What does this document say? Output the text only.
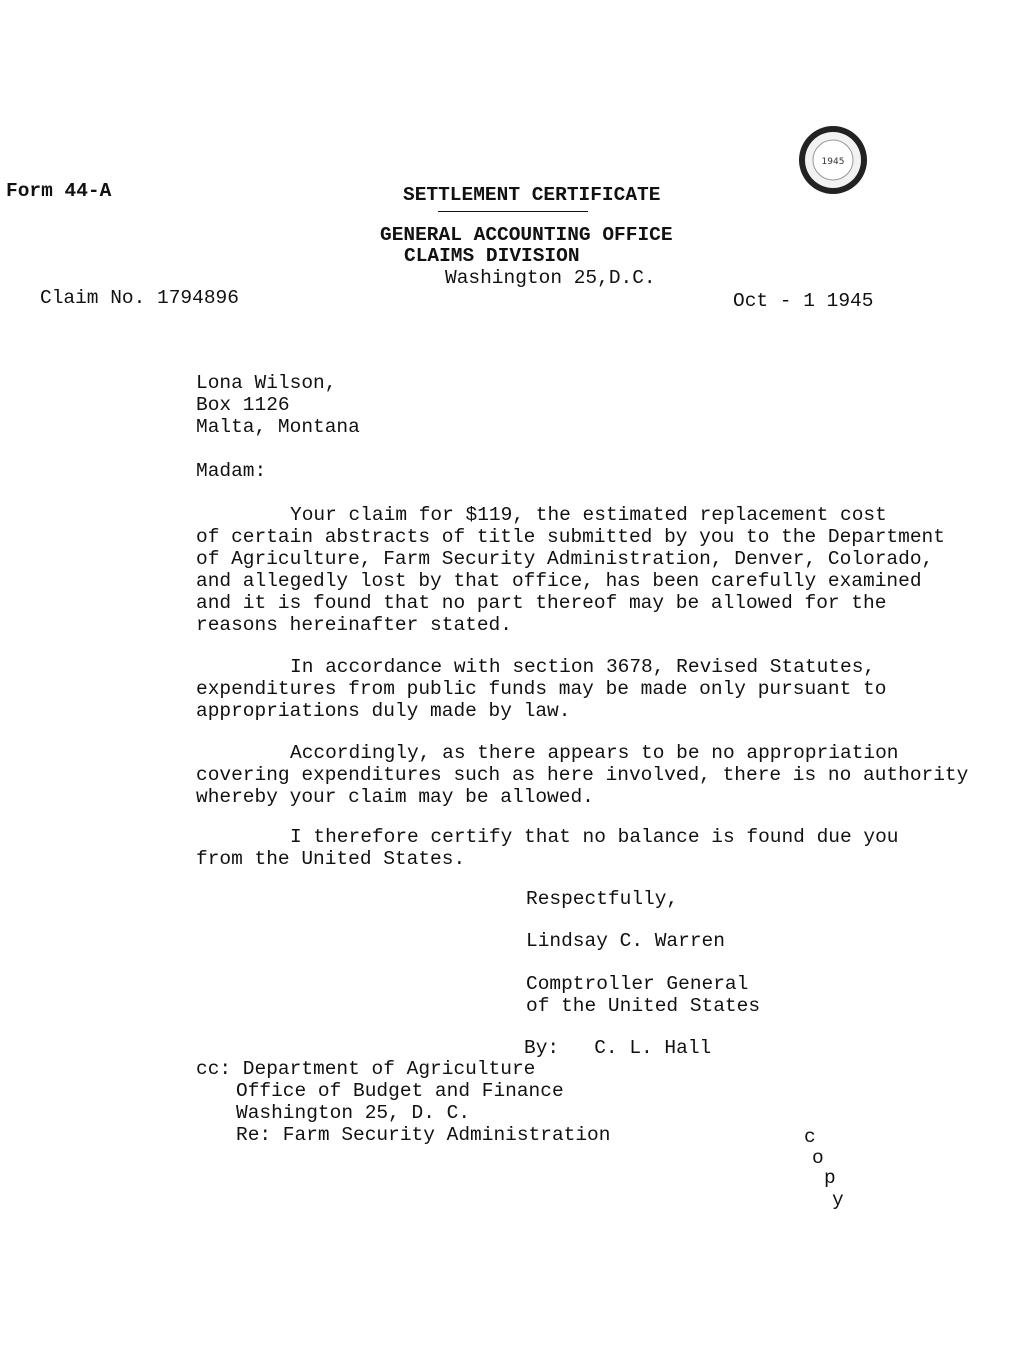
Form 44-A	SETTLEMENT CERTIFICATE
GENERAL ACCOUNTING OFFICE
CLAIMS DIVISION
Washington 25,D.C.
1945
Claim No. 1794896	Oct - 1 1945
Lona Wilson,
Box 1126
Malta, Montana
Madam:
Your claim for $119, the estimated replacement cost
of certain abstracts of title submitted by you to the Department
of Agriculture, Farm Security Administration, Denver, Colorado,
and allegedly lost by that office, has been carefully examined
and it is found that no part thereof may be allowed for the
reasons hereinafter stated.
In accordance with section 3678, Revised Statutes,
expenditures from public funds may be made only pursuant to
appropriations duly made by law.
Accordingly, as there appears to be no appropriation
covering expenditures such as here involved, there is no authority
whereby your claim may be allowed.
I therefore certify that no balance is found due you
from the United States.
Respectfully,
Lindsay C. Warren
Comptroller General
of the United States
By:   C. L. Hall
cc: Department of Agriculture
Office of Budget and Finance
Washington 25, D. C.
Re: Farm Security Administration	c
o
p
y
